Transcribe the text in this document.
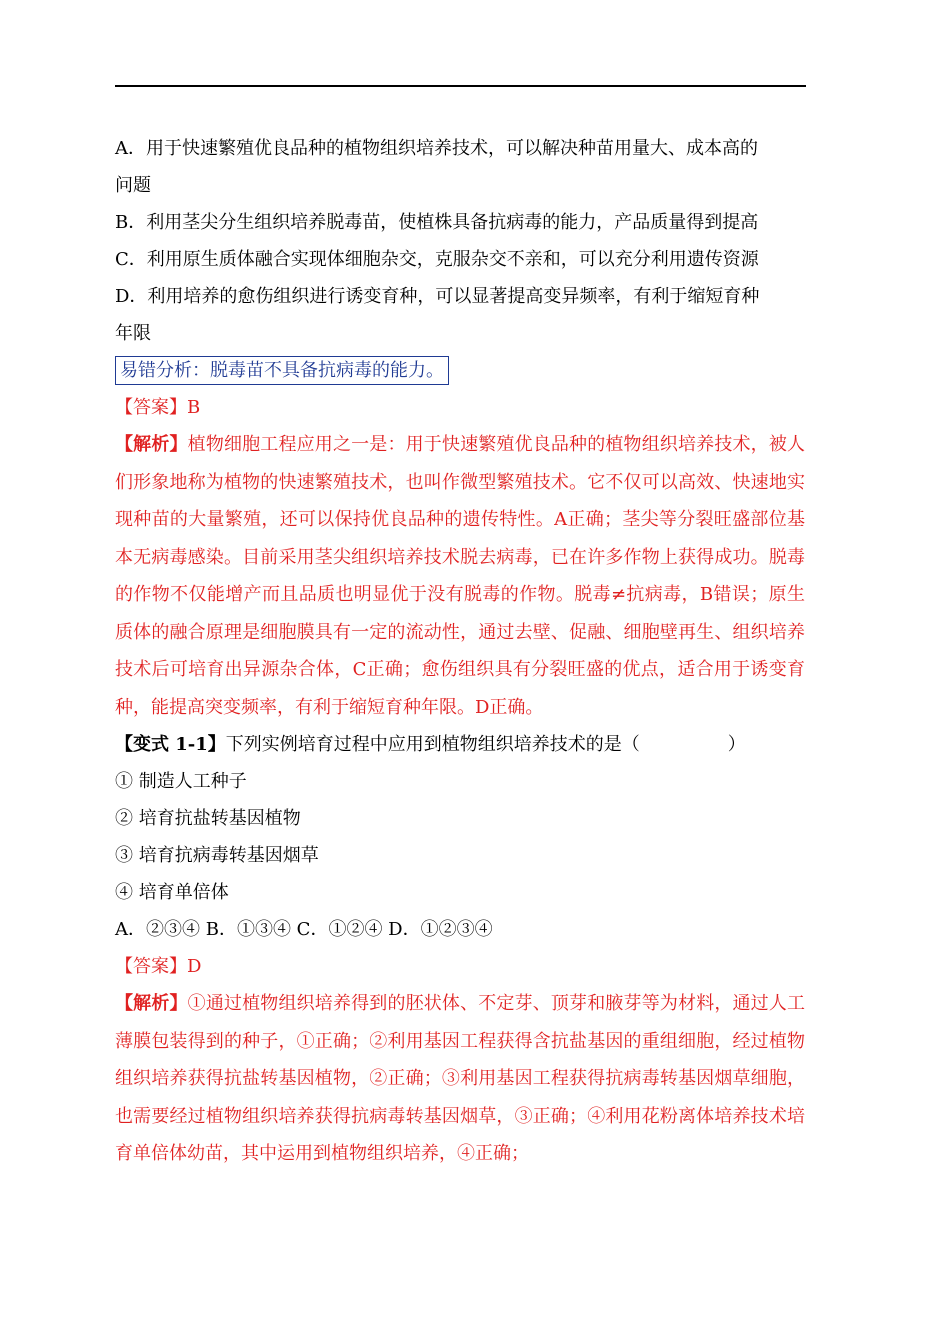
A．用于快速繁殖优良品种的植物组织培养技术，可以解决种苗用量大、成本高的
问题
B．利用茎尖分生组织培养脱毒苗，使植株具备抗病毒的能力，产品质量得到提高
C．利用原生质体融合实现体细胞杂交，克服杂交不亲和，可以充分利用遗传资源
D．利用培养的愈伤组织进行诱变育种，可以显著提高变异频率，有利于缩短育种
年限
易错分析：脱毒苗不具备抗病毒的能力。
【答案】B
【解析】植物细胞工程应用之一是：用于快速繁殖优良品种的植物组织培养技术，被人们形象地称为植物的快速繁殖技术，也叫作微型繁殖技术。它不仅可以高效、快速地实现种苗的大量繁殖，还可以保持优良品种的遗传特性。A正确；茎尖等分裂旺盛部位基本无病毒感染。目前采用茎尖组织培养技术脱去病毒，已在许多作物上获得成功。脱毒的作物不仅能增产而且品质也明显优于没有脱毒的作物。脱毒≠抗病毒，B错误；原生质体的融合原理是细胞膜具有一定的流动性，通过去壁、促融、细胞壁再生、组织培养技术后可培育出异源杂合体，C正确；愈伤组织具有分裂旺盛的优点，适合用于诱变育种，能提高突变频率，有利于缩短育种年限。D正确。
【变式 1-1】下列实例培育过程中应用到植物组织培养技术的是（	）
① 制造人工种子
② 培育抗盐转基因植物
③ 培育抗病毒转基因烟草
④ 培育单倍体
A．②③④ B．①③④ C．①②④ D．①②③④
【答案】D
【解析】①通过植物组织培养得到的胚状体、不定芽、顶芽和腋芽等为材料，通过人工薄膜包装得到的种子，①正确；②利用基因工程获得含抗盐基因的重组细胞，经过植物组织培养获得抗盐转基因植物，②正确；③利用基因工程获得抗病毒转基因烟草细胞，也需要经过植物组织培养获得抗病毒转基因烟草，③正确；④利用花粉离体培养技术培育单倍体幼苗，其中运用到植物组织培养，④正确；
